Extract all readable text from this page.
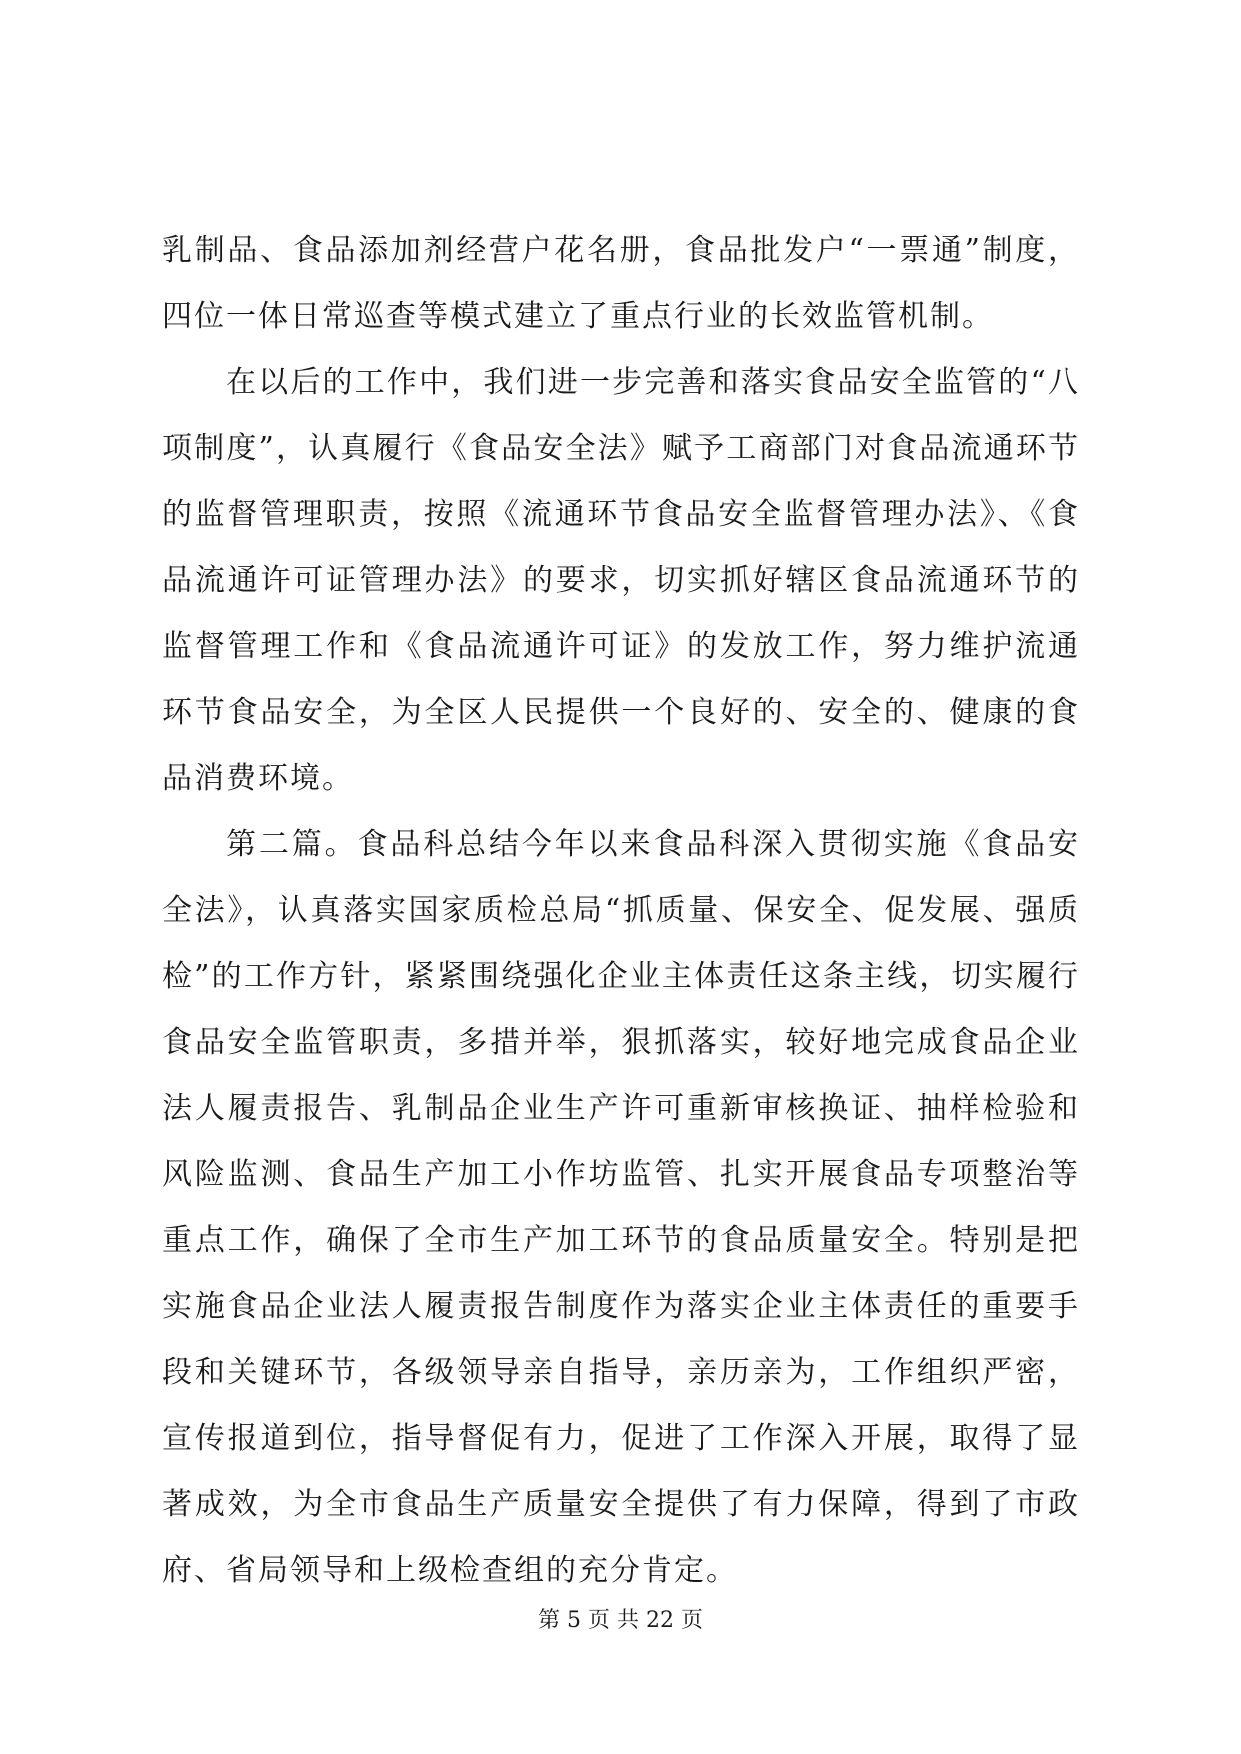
乳制品、食品添加剂经营户花名册，食品批发户“一票通”制度，四位一体日常巡查等模式建立了重点行业的长效监管机制。

在以后的工作中，我们进一步完善和落实食品安全监管的“八项制度”，认真履行《食品安全法》赋予工商部门对食品流通环节的监督管理职责，按照《流通环节食品安全监督管理办法》、《食品流通许可证管理办法》的要求，切实抓好辖区食品流通环节的监督管理工作和《食品流通许可证》的发放工作，努力维护流通环节食品安全，为全区人民提供一个良好的、安全的、健康的食品消费环境。

第二篇。食品科总结今年以来食品科深入贯彻实施《食品安全法》，认真落实国家质检总局“抓质量、保安全、促发展、强质检”的工作方针，紧紧围绕强化企业主体责任这条主线，切实履行食品安全监管职责，多措并举，狠抓落实，较好地完成食品企业法人履责报告、乳制品企业生产许可重新审核换证、抽样检验和风险监测、食品生产加工小作坊监管、扎实开展食品专项整治等重点工作，确保了全市生产加工环节的食品质量安全。特别是把实施食品企业法人履责报告制度作为落实企业主体责任的重要手段和关键环节，各级领导亲自指导，亲历亲为，工作组织严密，宣传报道到位，指导督促有力，促进了工作深入开展，取得了显著成效，为全市食品生产质量安全提供了有力保障，得到了市政府、省局领导和上级检查组的充分肯定。

第 5 页 共 22 页
